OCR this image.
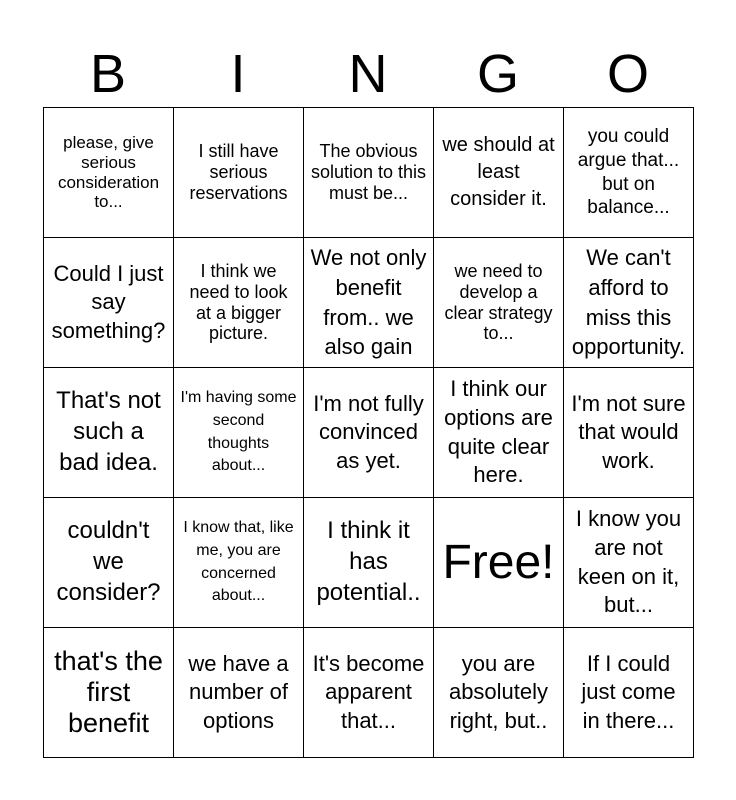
B	I	N	G	O
please, give serious consideration to...	I still have serious reservations	The obvious solution to this must be...	we should at least consider it.	you could argue that... but on balance...
Could I just say something?	I think we need to look at a bigger picture.	We not only benefit from.. we also gain	we need to develop a clear strategy to...	We can't afford to miss this opportunity.
That's not such a bad idea.	I'm having some second thoughts about...	I'm not fully convinced as yet.	I think our options are quite clear here.	I'm not sure that would work.
couldn't we consider?	I know that, like me, you are concerned about...	I think it has potential..	Free!	I know you are not keen on it, but...
that's the first benefit	we have a number of options	It's become apparent that...	you are absolutely right, but..	If I could just come in there...
